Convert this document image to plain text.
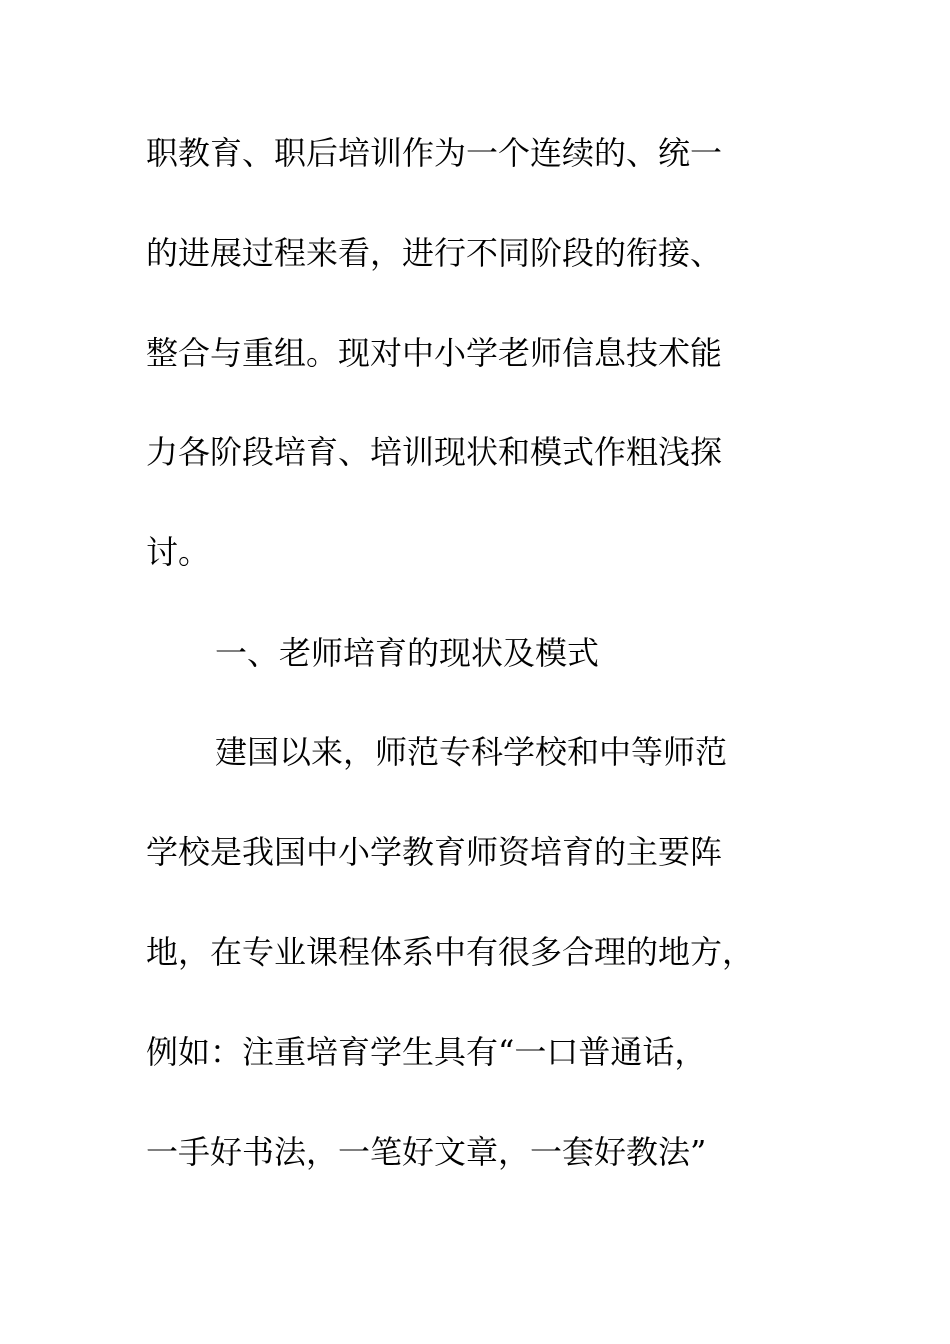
职教育、职后培训作为一个连续的、统一
的进展过程来看，进行不同阶段的衔接、
整合与重组。现对中小学老师信息技术能
力各阶段培育、培训现状和模式作粗浅探
讨。
一、老师培育的现状及模式
建国以来，师范专科学校和中等师范
学校是我国中小学教育师资培育的主要阵
地，在专业课程体系中有很多合理的地方，
例如：注重培育学生具有“一口普通话，
一手好书法，一笔好文章，一套好教法”
